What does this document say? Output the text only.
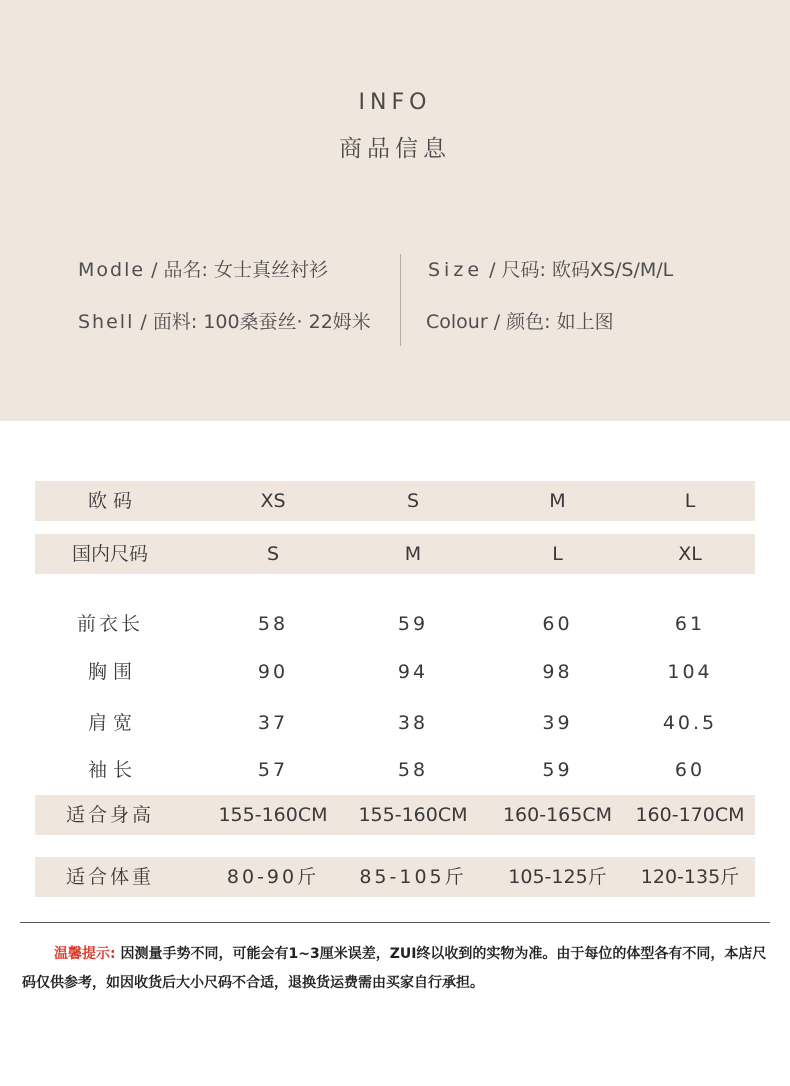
INFO
商品信息
Modle / 品名: 女士真丝衬衫	Size / 尺码: 欧码XS/S/M/L
Shell / 面料: 100桑蚕丝· 22姆米	Colour / 颜色: 如上图
欧 码	XS	S	M	L
国内尺码	S	M	L	XL
前衣长	58	59	60	61
胸 围	90	94	98	104
肩 宽	37	38	39	40.5
袖 长	57	58	59	60
适合身高	155-160CM	155-160CM	160-165CM	160-170CM
适合体重	80-90斤	85-105斤	105-125斤	120-135斤
温馨提示: 因测量手势不同，可能会有1~3厘米误差，ZUI终以收到的实物为准。由于每位的体型各有不同，本店尺码仅供参考，如因收货后大小尺码不合适，退换货运费需由买家自行承担。
